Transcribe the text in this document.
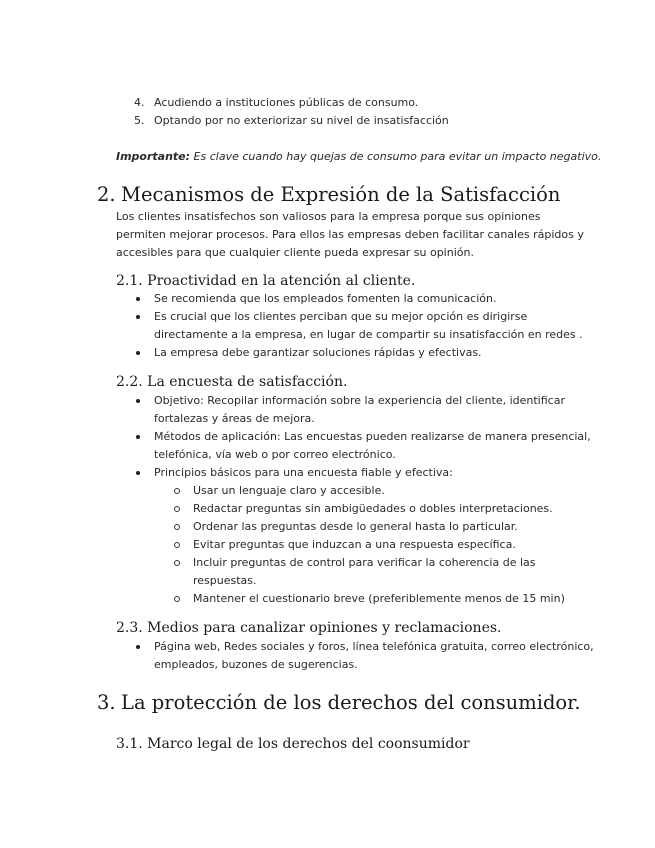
4. Acudiendo a instituciones públicas de consumo.
5. Optando por no exteriorizar su nivel de insatisfacción
Importante: Es clave cuando hay quejas de consumo para evitar un impacto negativo.
2. Mecanismos de Expresión de la Satisfacción
Los clientes insatisfechos son valiosos para la empresa porque sus opiniones permiten mejorar procesos. Para ellos las empresas deben facilitar canales rápidos y accesibles para que cualquier cliente pueda expresar su opinión.
2.1. Proactividad en la atención al cliente.
Se recomienda que los empleados fomenten la comunicación.
Es crucial que los clientes perciban que su mejor opción es dirigirse directamente a la empresa, en lugar de compartir su insatisfacción en redes .
La empresa debe garantizar soluciones rápidas y efectivas.
2.2. La encuesta de satisfacción.
Objetivo: Recopilar información sobre la experiencia del cliente, identificar fortalezas y áreas de mejora.
Métodos de aplicación: Las encuestas pueden realizarse de manera presencial, telefónica, vía web o por correo electrónico.
Principios básicos para una encuesta fiable y efectiva:
Usar un lenguaje claro y accesible.
Redactar preguntas sin ambigüedades o dobles interpretaciones.
Ordenar las preguntas desde lo general hasta lo particular.
Evitar preguntas que induzcan a una respuesta específica.
Incluir preguntas de control para verificar la coherencia de las respuestas.
Mantener el cuestionario breve (preferiblemente menos de 15 min)
2.3. Medios para canalizar opiniones y reclamaciones.
Página web, Redes sociales y foros, línea telefónica gratuita, correo electrónico, empleados, buzones de sugerencias.
3. La protección de los derechos del consumidor.
3.1. Marco legal de los derechos del coonsumidor
